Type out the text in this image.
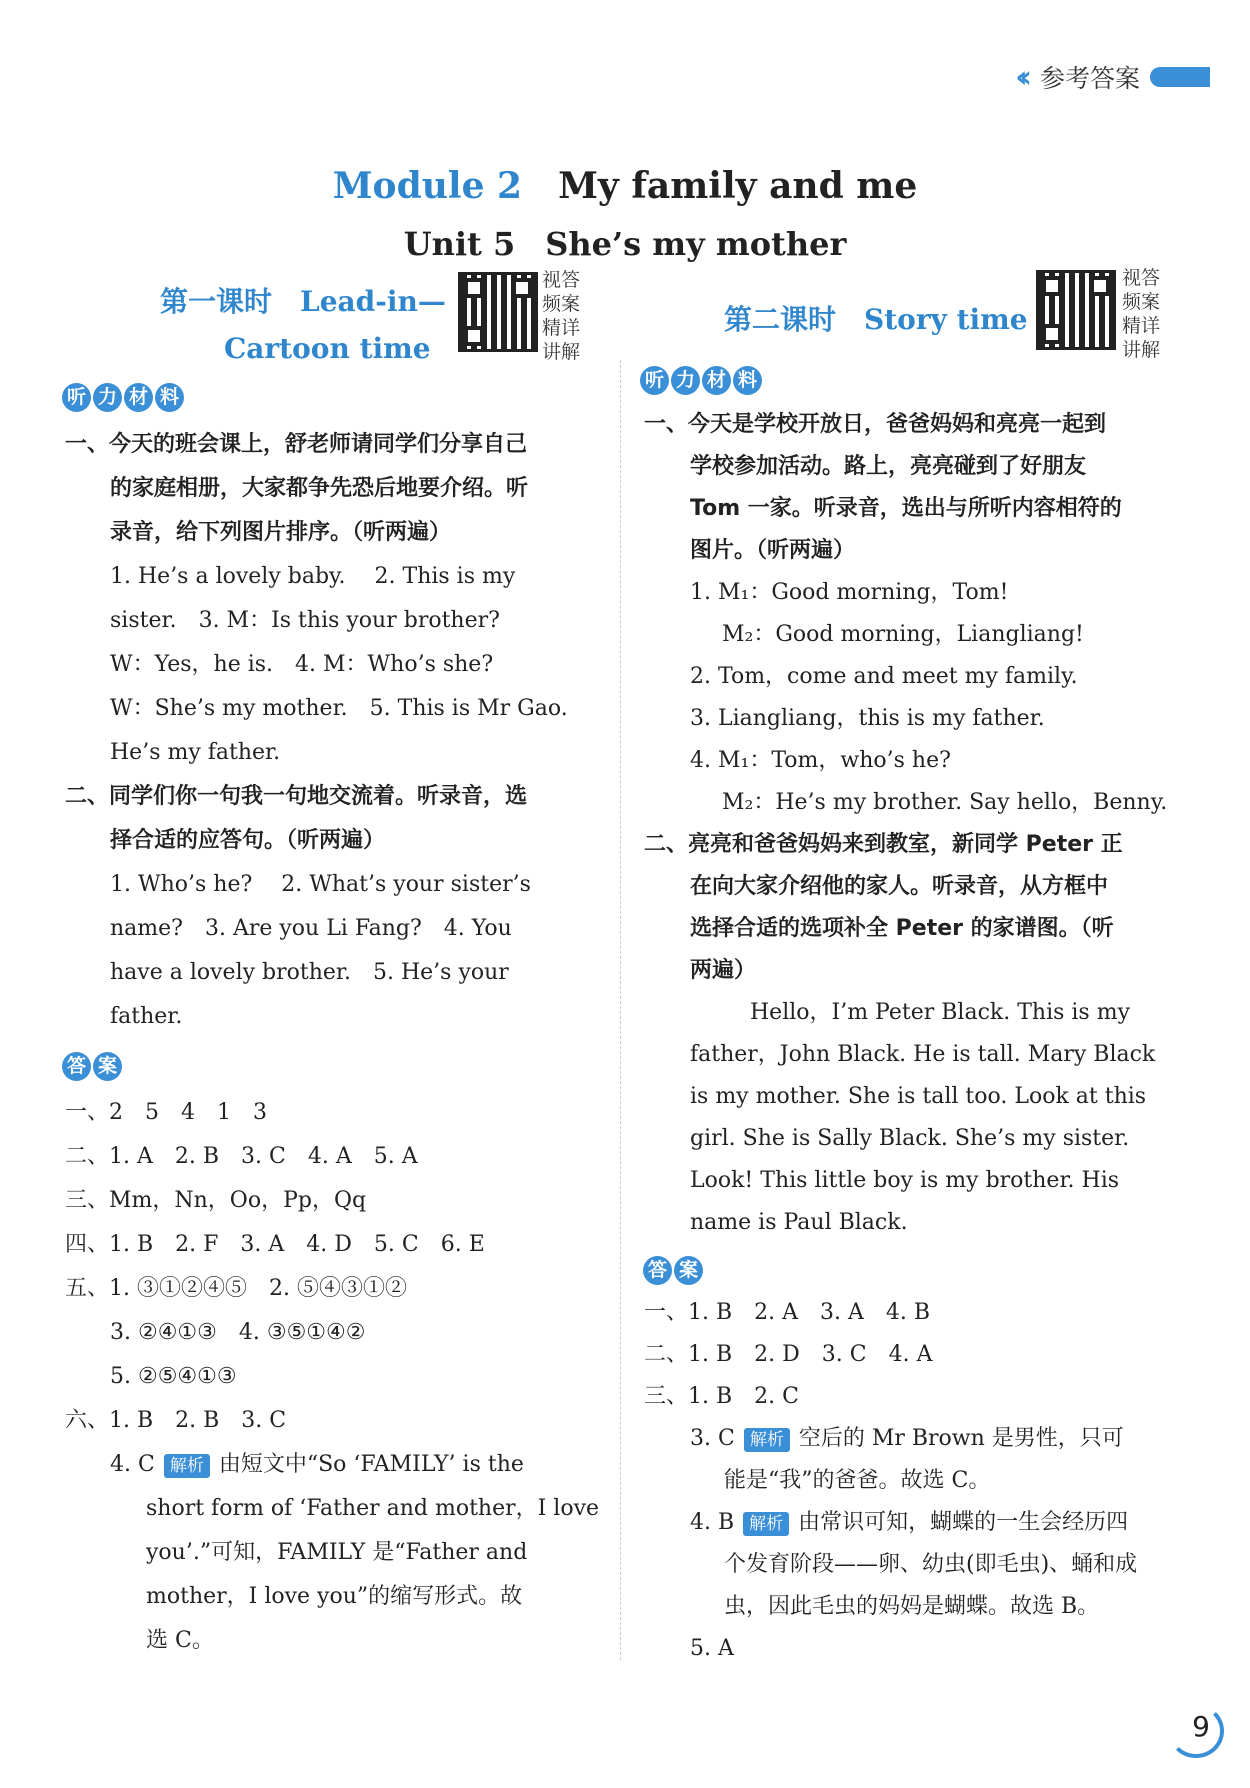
‹‹ 参考答案
Module 2 My family and me
Unit 5 She’s my mother
第一课时　Lead-in—
Cartoon time
视答
频案
精详
讲解
听 力 材 料
一、今天的班会课上，舒老师请同学们分享自己
的家庭相册，大家都争先恐后地要介绍。听
录音，给下列图片排序。（听两遍）
1. He’s a lovely baby.　 2. This is my
sister.　3. M：Is this your brother?
W：Yes，he is.　4. M：Who’s she?
W：She’s my mother.　5. This is Mr Gao.
He’s my father.
二、同学们你一句我一句地交流着。听录音，选
择合适的应答句。（听两遍）
1. Who’s he?　 2. What’s your sister’s
name?　3. Are you Li Fang?　4. You
have a lovely brother.　5. He’s your
father.
答 案
一、2　5　4　1　3
二、1. A　2. B　3. C　4. A　5. A
三、Mm，Nn，Oo，Pp，Qq
四、1. B　2. F　3. A　4. D　5. C　6. E
五、1. ③①②④⑤　2. ⑤④③①②
3. ②④①③　4. ③⑤①④②
5. ②⑤④①③
六、1. B　2. B　3. C
4. C 解析 由短文中“So ‘FAMILY’ is the
short form of ‘Father and mother，I love
you’.”可知，FAMILY 是“Father and
mother，I love you”的缩写形式。故
选 C。
第二课时　Story time
视答
频案
精详
讲解
听 力 材 料
一、今天是学校开放日，爸爸妈妈和亮亮一起到
学校参加活动。路上，亮亮碰到了好朋友
Tom 一家。听录音，选出与所听内容相符的
图片。（听两遍）
1. M₁：Good morning，Tom!
M₂：Good morning，Liangliang!
2. Tom，come and meet my family.
3. Liangliang，this is my father.
4. M₁：Tom，who’s he?
M₂：He’s my brother. Say hello，Benny.
二、亮亮和爸爸妈妈来到教室，新同学 Peter 正
在向大家介绍他的家人。听录音，从方框中
选择合适的选项补全 Peter 的家谱图。（听
两遍）
Hello，I’m Peter Black. This is my
father，John Black. He is tall. Mary Black
is my mother. She is tall too. Look at this
girl. She is Sally Black. She’s my sister.
Look! This little boy is my brother. His
name is Paul Black.
答 案
一、1. B　2. A　3. A　4. B
二、1. B　2. D　3. C　4. A
三、1. B　2. C
3. C 解析 空后的 Mr Brown 是男性，只可
能是“我”的爸爸。故选 C。
4. B 解析 由常识可知，蝴蝶的一生会经历四
个发育阶段——卵、幼虫(即毛虫)、蛹和成
虫，因此毛虫的妈妈是蝴蝶。故选 B。
5. A
9
